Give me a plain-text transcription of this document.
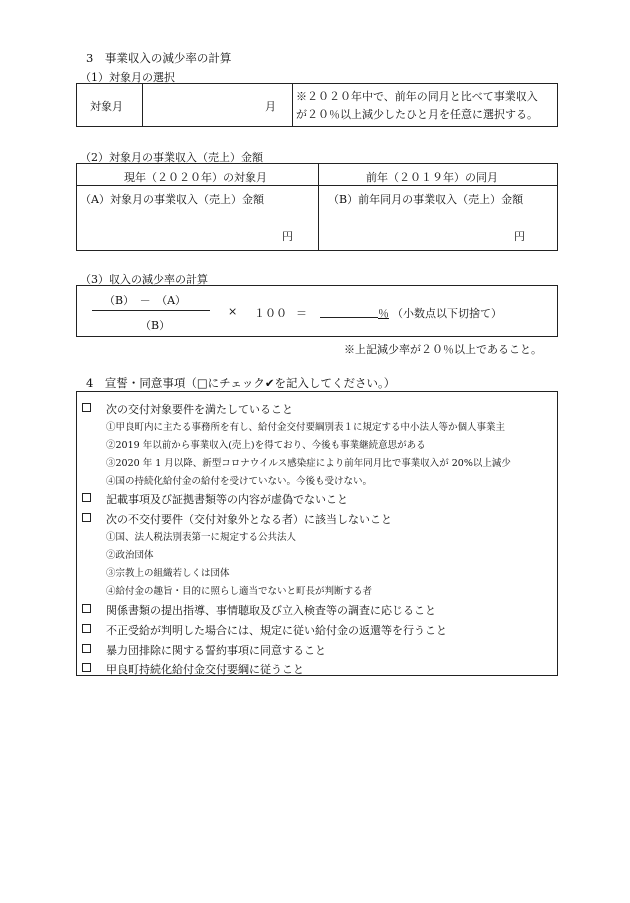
3　事業収入の減少率の計算
（1）対象月の選択
対象月	月
※２０２０年中で、前年の同月と比べて事業収入
が２０％以上減少したひと月を任意に選択する。
（2）対象月の事業収入（売上）金額
現年（２０２０年）の対象月	前年（２０１９年）の同月
（A）対象月の事業収入（売上）金額	（B）前年同月の事業収入（売上）金額
円	円
（3）収入の減少率の計算
（B）　－　（A）
（B）
× １００ ＝	％ （小数点以下切捨て）
※上記減少率が２０％以上であること。
4　宣誓・同意事項（□にチェック✔を記入してください。）
次の交付対象要件を満たしていること
①甲良町内に主たる事務所を有し、給付金交付要綱別表１に規定する中小法人等か個人事業主
②2019 年以前から事業収入(売上)を得ており、今後も事業継続意思がある
③2020 年 1 月以降、新型コロナウイルス感染症により前年同月比で事業収入が 20%以上減少
④国の持続化給付金の給付を受けていない。今後も受けない。
記載事項及び証拠書類等の内容が虚偽でないこと
次の不交付要件（交付対象外となる者）に該当しないこと
①国、法人税法別表第一に規定する公共法人
②政治団体
③宗教上の組織若しくは団体
④給付金の趣旨・目的に照らし適当でないと町長が判断する者
関係書類の提出指導、事情聴取及び立入検査等の調査に応じること
不正受給が判明した場合には、規定に従い給付金の返還等を行うこと
暴力団排除に関する誓約事項に同意すること
甲良町持続化給付金交付要綱に従うこと
